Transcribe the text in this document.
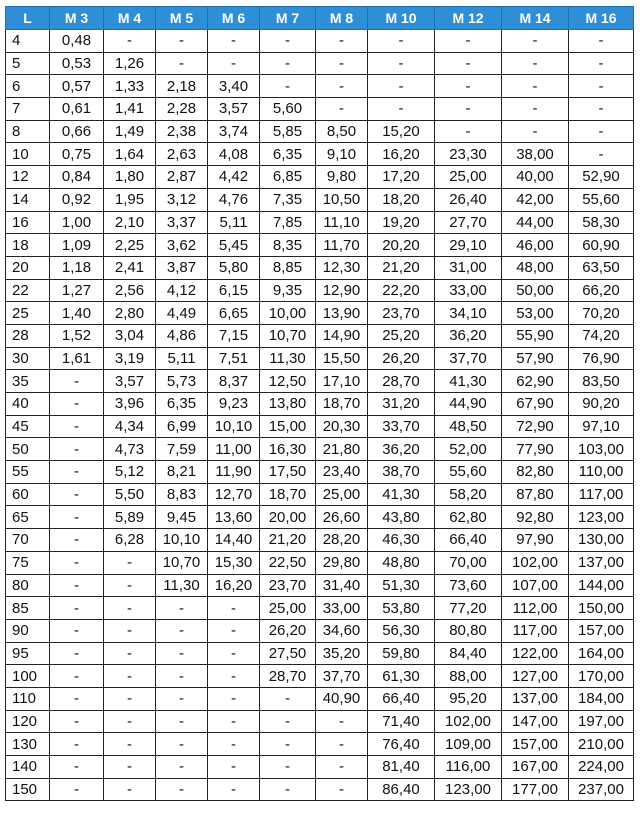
L	M 3	M 4	M 5	M 6	M 7	M 8	M 10	M 12	M 14	M 16
4	0,48	-	-	-	-	-	-	-	-	-
5	0,53	1,26	-	-	-	-	-	-	-	-
6	0,57	1,33	2,18	3,40	-	-	-	-	-	-
7	0,61	1,41	2,28	3,57	5,60	-	-	-	-	-
8	0,66	1,49	2,38	3,74	5,85	8,50	15,20	-	-	-
10	0,75	1,64	2,63	4,08	6,35	9,10	16,20	23,30	38,00	-
12	0,84	1,80	2,87	4,42	6,85	9,80	17,20	25,00	40,00	52,90
14	0,92	1,95	3,12	4,76	7,35	10,50	18,20	26,40	42,00	55,60
16	1,00	2,10	3,37	5,11	7,85	11,10	19,20	27,70	44,00	58,30
18	1,09	2,25	3,62	5,45	8,35	11,70	20,20	29,10	46,00	60,90
20	1,18	2,41	3,87	5,80	8,85	12,30	21,20	31,00	48,00	63,50
22	1,27	2,56	4,12	6,15	9,35	12,90	22,20	33,00	50,00	66,20
25	1,40	2,80	4,49	6,65	10,00	13,90	23,70	34,10	53,00	70,20
28	1,52	3,04	4,86	7,15	10,70	14,90	25,20	36,20	55,90	74,20
30	1,61	3,19	5,11	7,51	11,30	15,50	26,20	37,70	57,90	76,90
35	-	3,57	5,73	8,37	12,50	17,10	28,70	41,30	62,90	83,50
40	-	3,96	6,35	9,23	13,80	18,70	31,20	44,90	67,90	90,20
45	-	4,34	6,99	10,10	15,00	20,30	33,70	48,50	72,90	97,10
50	-	4,73	7,59	11,00	16,30	21,80	36,20	52,00	77,90	103,00
55	-	5,12	8,21	11,90	17,50	23,40	38,70	55,60	82,80	110,00
60	-	5,50	8,83	12,70	18,70	25,00	41,30	58,20	87,80	117,00
65	-	5,89	9,45	13,60	20,00	26,60	43,80	62,80	92,80	123,00
70	-	6,28	10,10	14,40	21,20	28,20	46,30	66,40	97,90	130,00
75	-	-	10,70	15,30	22,50	29,80	48,80	70,00	102,00	137,00
80	-	-	11,30	16,20	23,70	31,40	51,30	73,60	107,00	144,00
85	-	-	-	-	25,00	33,00	53,80	77,20	112,00	150,00
90	-	-	-	-	26,20	34,60	56,30	80,80	117,00	157,00
95	-	-	-	-	27,50	35,20	59,80	84,40	122,00	164,00
100	-	-	-	-	28,70	37,70	61,30	88,00	127,00	170,00
110	-	-	-	-	-	40,90	66,40	95,20	137,00	184,00
120	-	-	-	-	-	-	71,40	102,00	147,00	197,00
130	-	-	-	-	-	-	76,40	109,00	157,00	210,00
140	-	-	-	-	-	-	81,40	116,00	167,00	224,00
150	-	-	-	-	-	-	86,40	123,00	177,00	237,00
